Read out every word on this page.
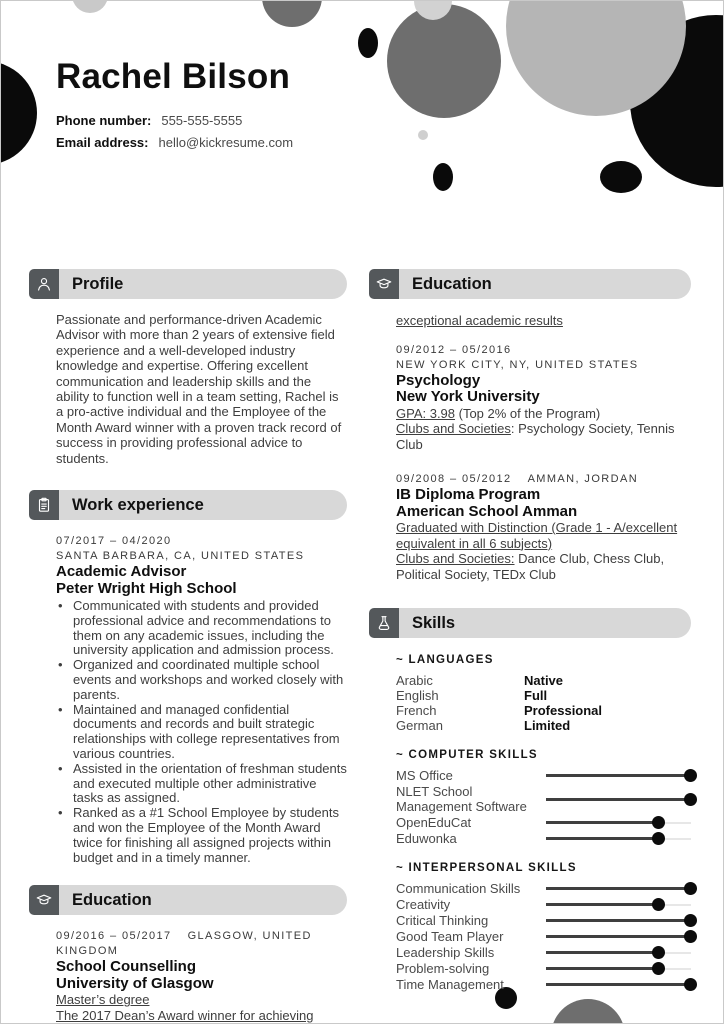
Rachel Bilson
Phone number: 555-555-5555
Email address: hello@kickresume.com
Profile
Passionate and performance-driven Academic Advisor with more than 2 years of extensive field experience and a well-developed industry knowledge and expertise. Offering excellent communication and leadership skills and the ability to function well in a team setting, Rachel is a pro-active individual and the Employee of the Month Award winner with a proven track record of success in providing professional advice to students.
Work experience
07/2017 – 04/2020
SANTA BARBARA, CA, UNITED STATES
Academic Advisor
Peter Wright High School
• Communicated with students and provided professional advice and recommendations to them on any academic issues, including the university application and admission process.
• Organized and coordinated multiple school events and workshops and worked closely with parents.
• Maintained and managed confidential documents and records and built strategic relationships with college representatives from various countries.
• Assisted in the orientation of freshman students and executed multiple other administrative tasks as assigned.
• Ranked as a #1 School Employee by students and won the Employee of the Month Award twice for finishing all assigned projects within budget and in a timely manner.
Education
09/2016 – 05/2017 GLASGOW, UNITED KINGDOM
School Counselling
University of Glasgow
Master’s degree
The 2017 Dean’s Award winner for achieving
Education
exceptional academic results
09/2012 – 05/2016
NEW YORK CITY, NY, UNITED STATES
Psychology
New York University
GPA: 3.98 (Top 2% of the Program)
Clubs and Societies: Psychology Society, Tennis Club
09/2008 – 05/2012 AMMAN, JORDAN
IB Diploma Program
American School Amman
Graduated with Distinction (Grade 1 - A/excellent equivalent in all 6 subjects)
Clubs and Societies: Dance Club, Chess Club, Political Society, TEDx Club
Skills
~ LANGUAGES
Arabic	Native
English	Full
French	Professional
German	Limited
~ COMPUTER SKILLS
MS Office
NLET School Management Software
OpenEduCat
Eduwonka
~ INTERPERSONAL SKILLS
Communication Skills
Creativity
Critical Thinking
Good Team Player
Leadership Skills
Problem-solving
Time Management
